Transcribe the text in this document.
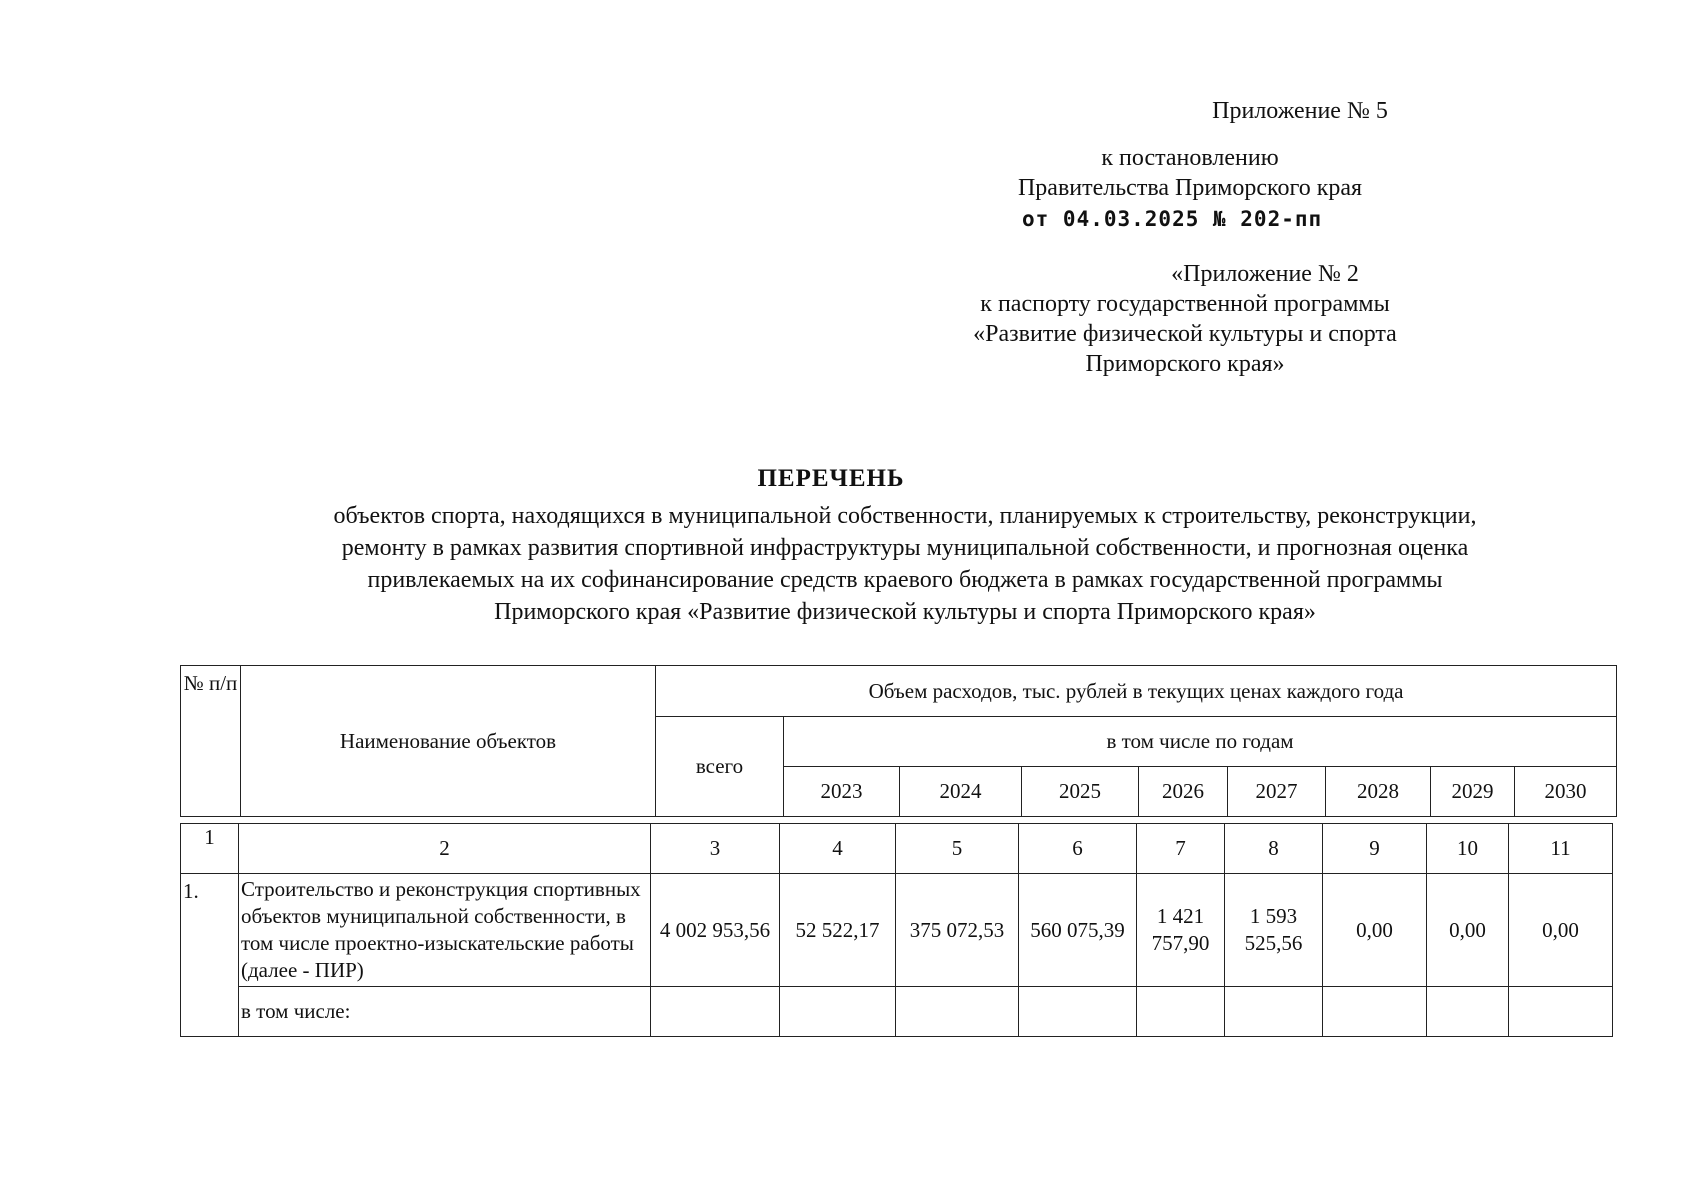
Приложение № 5
к постановлению
Правительства Приморского края
от 04.03.2025 № 202-пп
«Приложение № 2
к паспорту государственной программы
«Развитие физической культуры и спорта
Приморского края»
ПЕРЕЧЕНЬ
объектов спорта, находящихся в муниципальной собственности, планируемых к строительству, реконструкции,
ремонту в рамках развития спортивной инфраструктуры муниципальной собственности, и прогнозная оценка
привлекаемых на их софинансирование средств краевого бюджета в рамках государственной программы
Приморского края «Развитие физической культуры и спорта Приморского края»
№ п/п	Наименование объектов	Объем расходов, тыс. рублей в текущих ценах каждого года								
		всего	в том числе по годам							
			2023	2024	2025	2026	2027	2028	2029	2030
1	2	3	4	5	6	7	8	9	10	11
1.	Строительство и реконструкция спортивных объектов муниципальной собственности, в том числе проектно-изыскательские работы (далее - ПИР)	4 002 953,56	52 522,17	375 072,53	560 075,39	1 421 757,90	1 593 525,56	0,00	0,00	0,00
	в том числе:									
